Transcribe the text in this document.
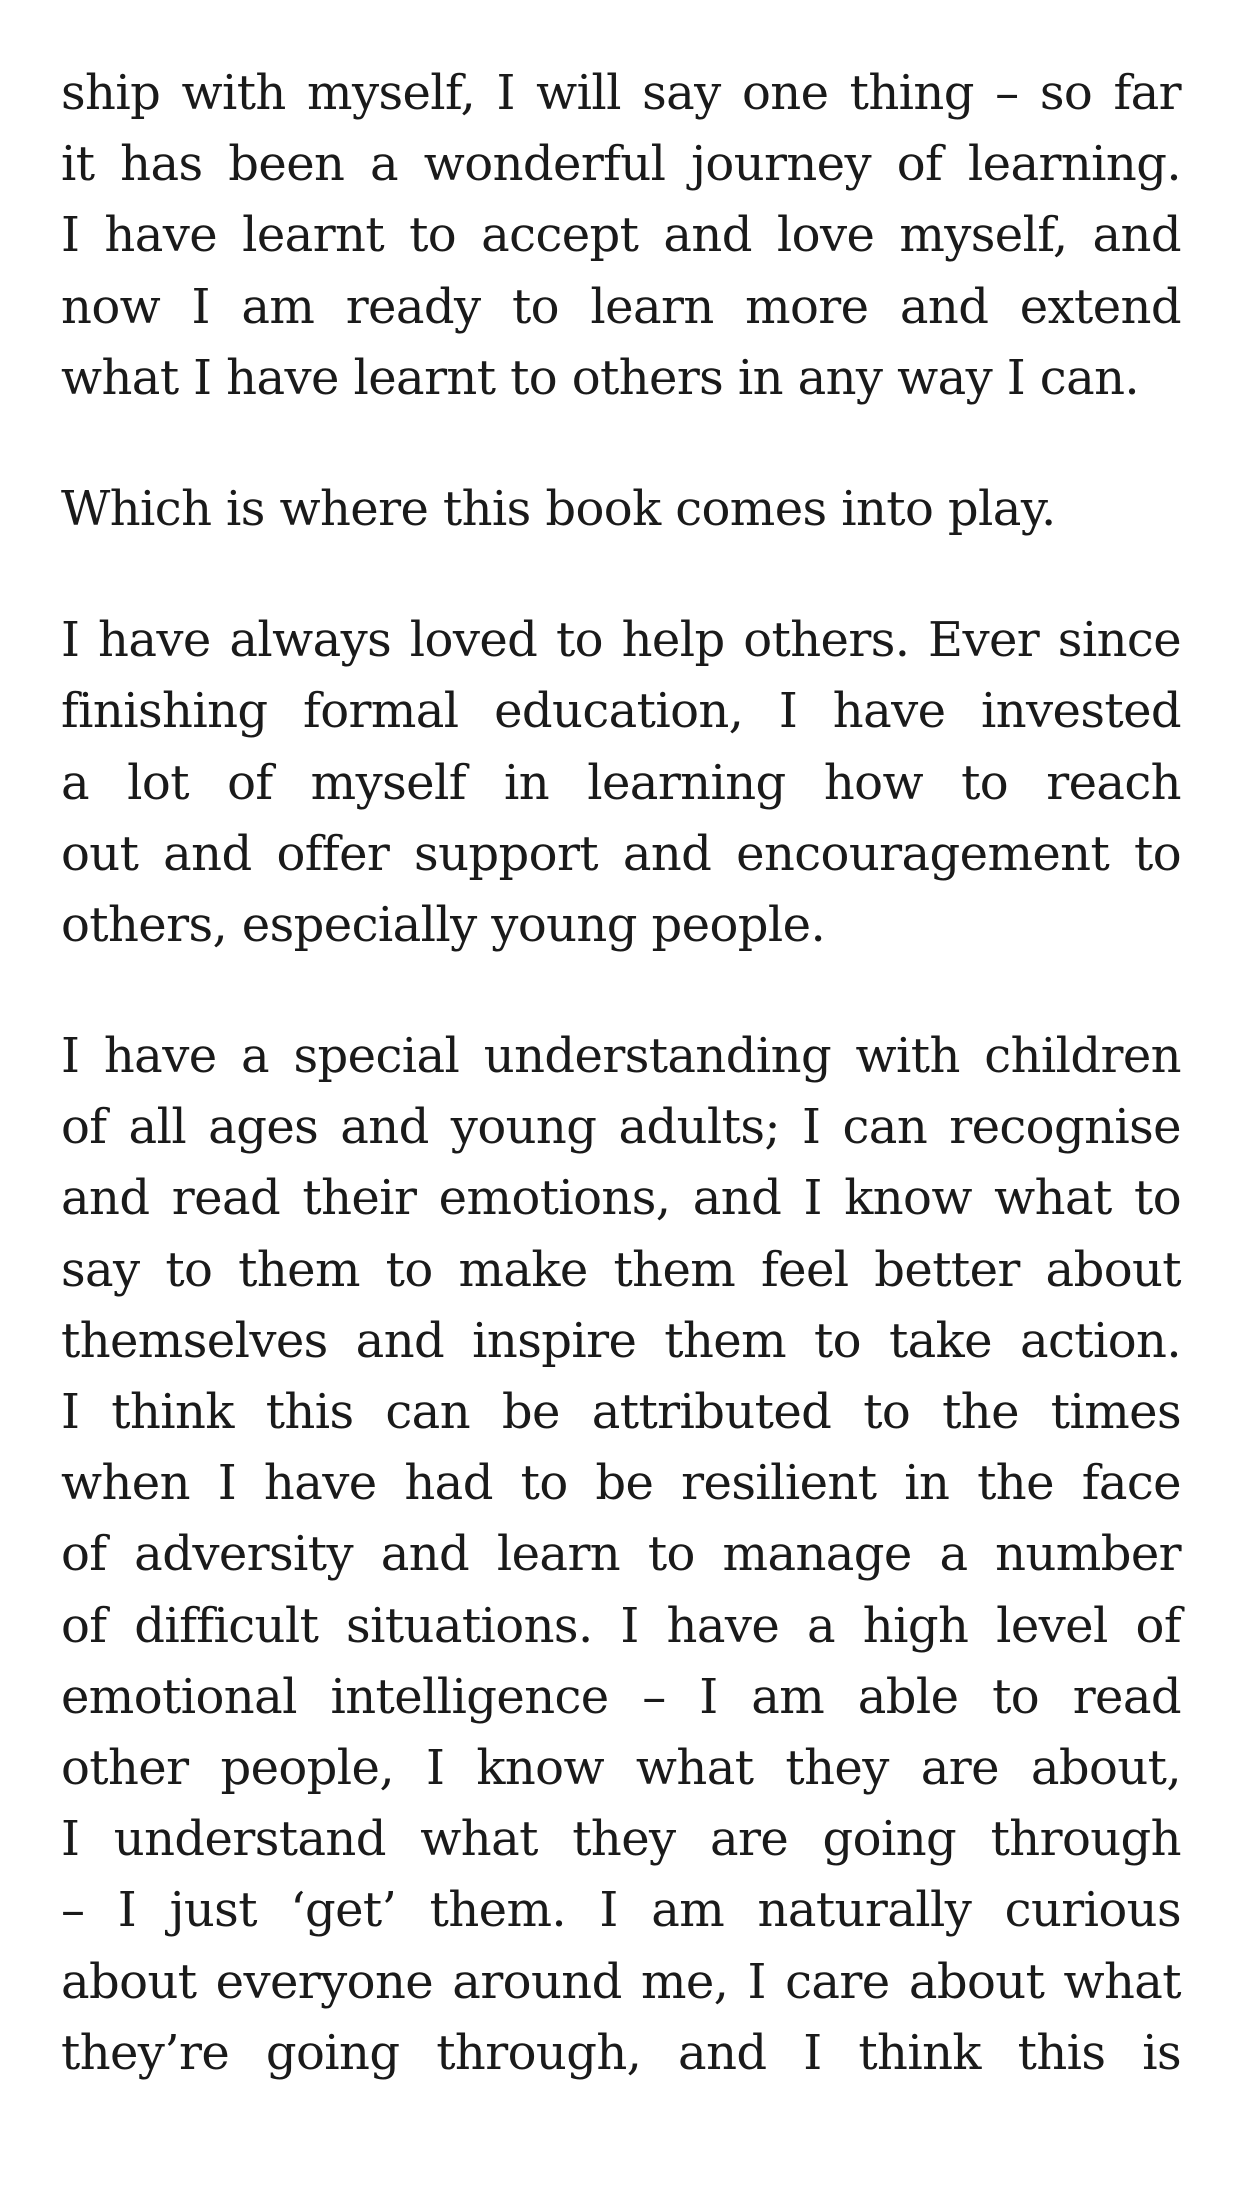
ship with myself, I will say one thing – so far
it has been a wonderful journey of learning.
I have learnt to accept and love myself, and
now I am ready to learn more and extend
what I have learnt to others in any way I can.
Which is where this book comes into play.
I have always loved to help others. Ever since
finishing formal education, I have invested
a lot of myself in learning how to reach
out and offer support and encouragement to
others, especially young people.
I have a special understanding with children
of all ages and young adults; I can recognise
and read their emotions, and I know what to
say to them to make them feel better about
themselves and inspire them to take action.
I think this can be attributed to the times
when I have had to be resilient in the face
of adversity and learn to manage a number
of difficult situations. I have a high level of
emotional intelligence – I am able to read
other people, I know what they are about,
I understand what they are going through
– I just ‘get’ them. I am naturally curious
about everyone around me, I care about what
they’re going through, and I think this is
